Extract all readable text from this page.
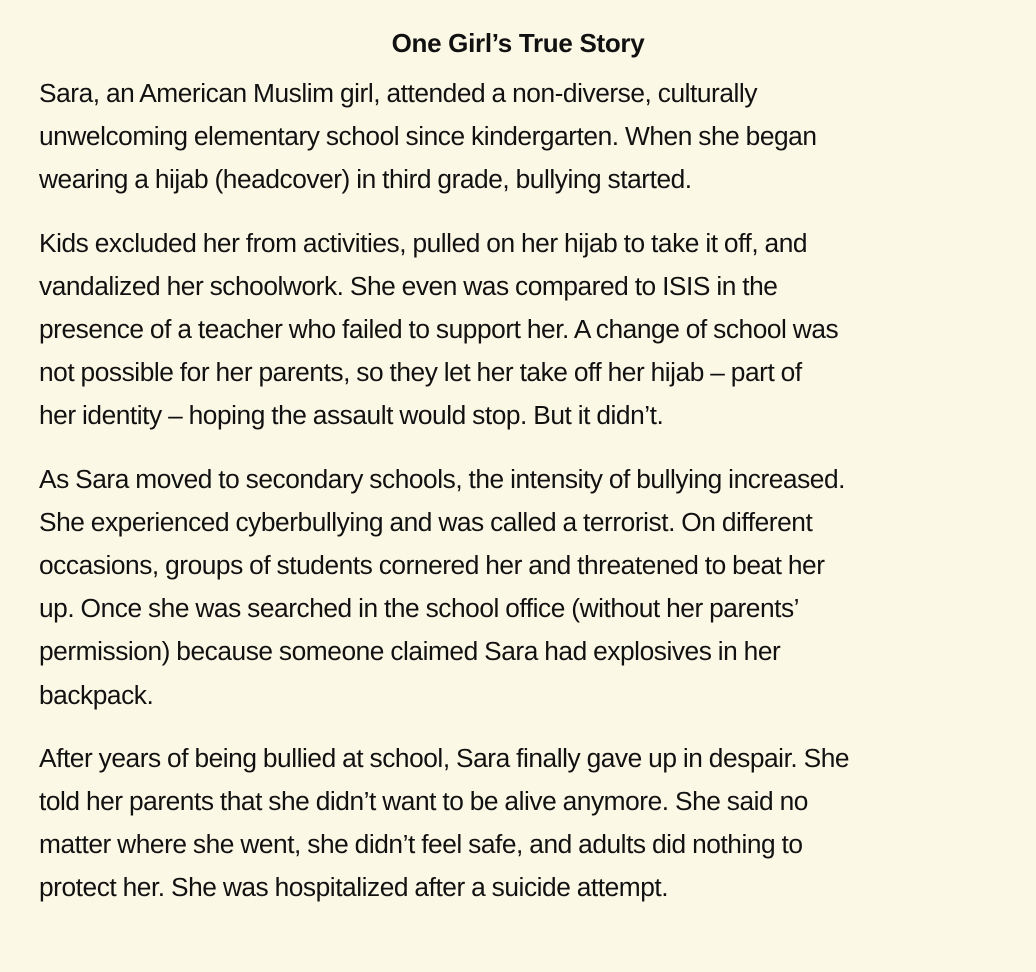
One Girl’s True Story

Sara, an American Muslim girl, attended a non-diverse, culturally
unwelcoming elementary school since kindergarten. When she began
wearing a hijab (headcover) in third grade, bullying started.

Kids excluded her from activities, pulled on her hijab to take it off, and
vandalized her schoolwork. She even was compared to ISIS in the
presence of a teacher who failed to support her. A change of school was
not possible for her parents, so they let her take off her hijab – part of
her identity – hoping the assault would stop. But it didn’t.

As Sara moved to secondary schools, the intensity of bullying increased.
She experienced cyberbullying and was called a terrorist. On different
occasions, groups of students cornered her and threatened to beat her
up. Once she was searched in the school office (without her parents’
permission) because someone claimed Sara had explosives in her
backpack.

After years of being bullied at school, Sara finally gave up in despair. She
told her parents that she didn’t want to be alive anymore. She said no
matter where she went, she didn’t feel safe, and adults did nothing to
protect her. She was hospitalized after a suicide attempt.
